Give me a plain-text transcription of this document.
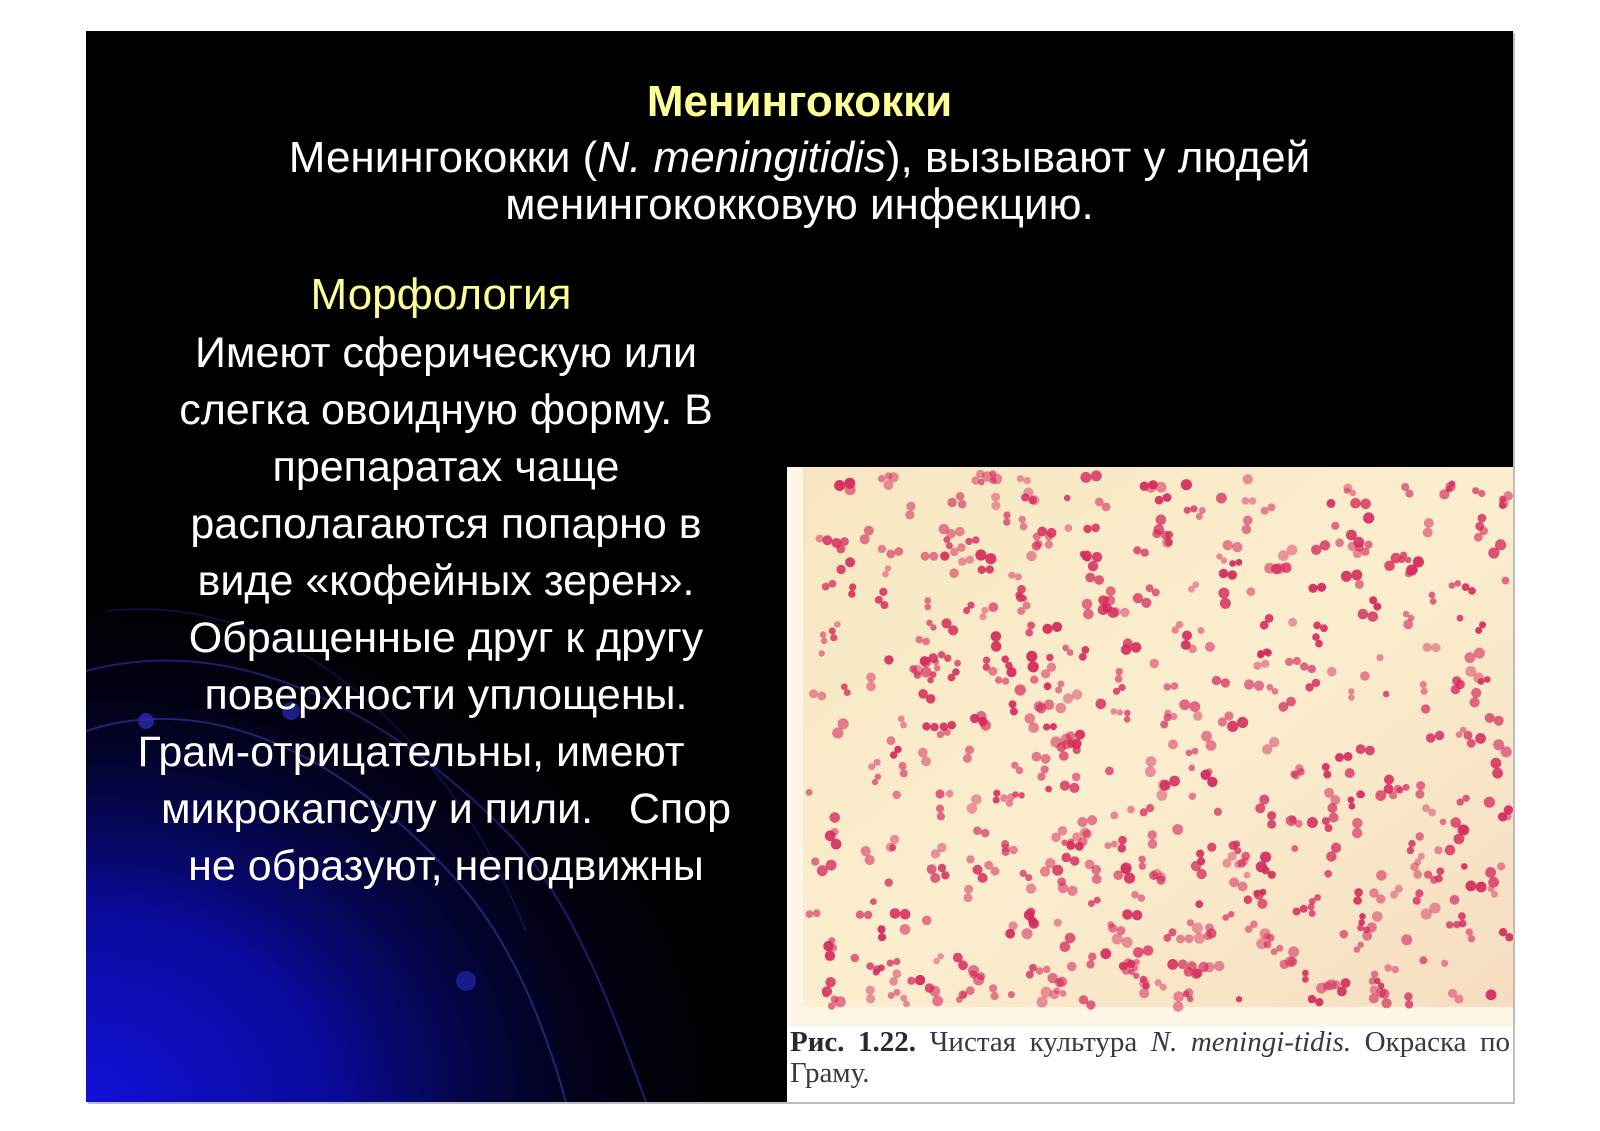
Менингококки
Менингококки (N. meningitidis), вызывают у людей менингококковую инфекцию.
Морфология
Имеют сферическую или
слегка овоидную форму. В
препаратах чаще
располагаются попарно в
виде «кофейных зерен».
Обращенные друг к другу
поверхности уплощены.
Грам-отрицательны, имеют
микрокапсулу и пили.   Спор
не образуют, неподвижны
Рис. 1.22. Чистая культура N. meningi-tidis. Окраска по Граму.
